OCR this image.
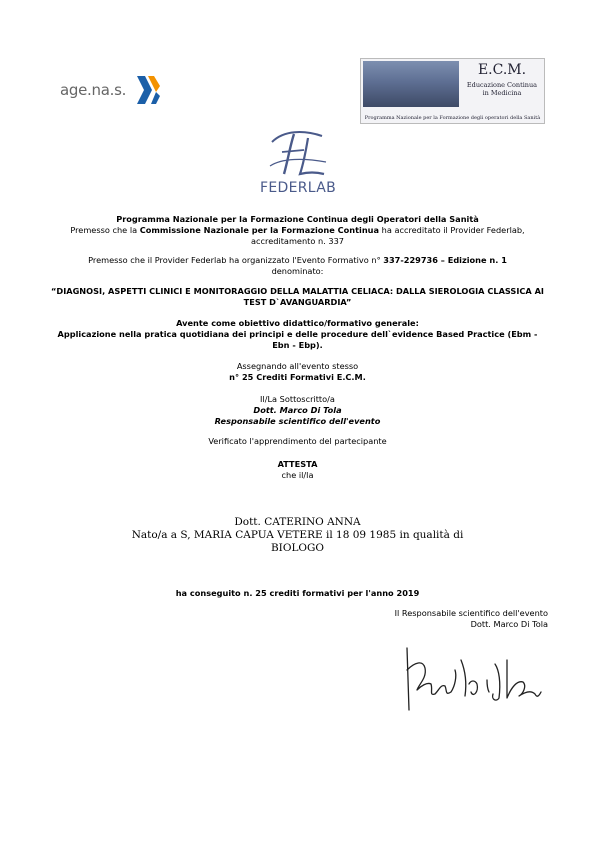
age.na.s.
E.C.M.
Educazione Continua
in Medicina
Programma Nazionale per la Formazione degli operatori della Sanità
FEDERLAB
Programma Nazionale per la Formazione Continua degli Operatori della Sanità
Premesso che la Commissione Nazionale per la Formazione Continua ha accreditato il Provider Federlab,
accreditamento n. 337
Premesso che il Provider Federlab ha organizzato l'Evento Formativo n° 337-229736 – Edizione n. 1
denominato:
“DIAGNOSI, ASPETTI CLINICI E MONITORAGGIO DELLA MALATTIA CELIACA: DALLA SIEROLOGIA CLASSICA AI
TEST D`AVANGUARDIA”
Avente come obiettivo didattico/formativo generale:
Applicazione nella pratica quotidiana dei principi e delle procedure dell`evidence Based Practice (Ebm -
Ebn - Ebp).
Assegnando all'evento stesso
n° 25 Crediti Formativi E.C.M.
Il/La Sottoscritto/a
Dott. Marco Di Tola
Responsabile scientifico dell'evento
Verificato l'apprendimento del partecipante
ATTESTA
che il/la
Dott. CATERINO ANNA
Nato/a a S, MARIA CAPUA VETERE il 18 09 1985 in qualità di
BIOLOGO
ha conseguito n. 25 crediti formativi per l'anno 2019
Il Responsabile scientifico dell'evento
Dott. Marco Di Tola
